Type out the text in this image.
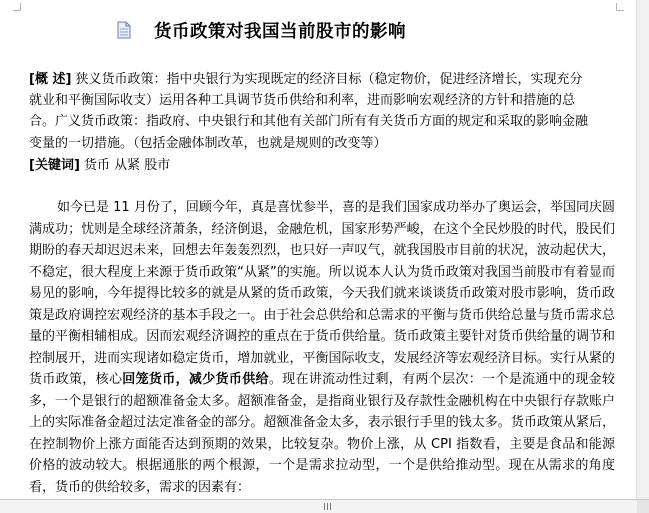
货币政策对我国当前股市的影响
[概 述] 狭义货币政策：指中央银行为实现既定的经济目标（稳定物价，促进经济增长，实现充分就业和平衡国际收支）运用各种工具调节货币供给和利率，进而影响宏观经济的方针和措施的总合。广义货币政策：指政府、中央银行和其他有关部门所有有关货币方面的规定和采取的影响金融变量的一切措施。（包括金融体制改革，也就是规则的改变等）
[关键词] 货币 从紧 股市
如今已是 11 月份了，回顾今年，真是喜忧参半，喜的是我们国家成功举办了奥运会，举国同庆圆满成功；忧则是全球经济萧条，经济倒退，金融危机，国家形势严峻，在这个全民炒股的时代，股民们期盼的春天却迟迟未来，回想去年轰轰烈烈，也只好一声叹气，就我国股市目前的状况，波动起伏大，不稳定，很大程度上来源于货币政策“从紧”的实施。所以说本人认为货币政策对我国当前股市有着显而易见的影响，今年提得比较多的就是从紧的货币政策，今天我们就来谈谈货币政策对股市影响，货币政策是政府调控宏观经济的基本手段之一。由于社会总供给和总需求的平衡与货币供给总量与货币需求总量的平衡相辅相成。因而宏观经济调控的重点在于货币供给量。货币政策主要针对货币供给量的调节和控制展开，进而实现诸如稳定货币，增加就业，平衡国际收支，发展经济等宏观经济目标。实行从紧的货币政策，核心回笼货币，减少货币供给。现在讲流动性过剩，有两个层次：一个是流通中的现金较多，一个是银行的超额准备金太多。超额准备金，是指商业银行及存款性金融机构在中央银行存款账户上的实际准备金超过法定准备金的部分。超额准备金太多，表示银行手里的钱太多。货币政策从紧后，在控制物价上涨方面能否达到预期的效果，比较复杂。物价上涨，从 CPI 指数看，主要是食品和能源价格的波动较大。根据通胀的两个根源，一个是需求拉动型，一个是供给推动型。现在从需求的角度看，货币的供给较多，需求的因素有：
